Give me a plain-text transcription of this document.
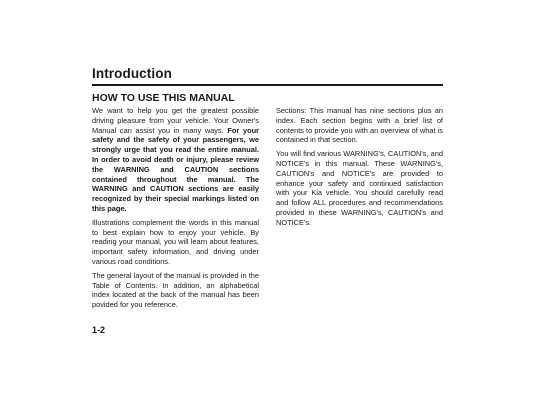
Introduction
HOW TO USE THIS MANUAL

We want to help you get the greatest possible driving pleasure from your vehicle. Your Owner's Manual can assist you in many ways. For your safety and the safety of your passengers, we strongly urge that you read the entire manual. In order to avoid death or injury, please review the WARNING and CAUTION sections contained throughout the manual. The WARNING and CAUTION sections are easily recognized by their special markings listed on this page.

Illustrations complement the words in this manual to best explain how to enjoy your vehicle. By reading your manual, you will learn about features, important safety information, and driving under various road conditions.

The general layout of the manual is provided in the Table of Contents. In addition, an alphabetical index located at the back of the manual has been povided for you reference.

Sections: This manual has nine sections plus an index. Each section begins with a brief list of contents to provide you with an overview of what is contained in that section.

You will find various WARNING's, CAUTION's, and NOTICE's in this manual. These WARNING's, CAUTION's and NOTICE's are provided to enhance your safety and continued satisfaction with your Kia vehicle. You should carefully read and follow ALL procedures and recommendations provided in these WARNING's, CAUTION's and NOTICE's.

1-2
